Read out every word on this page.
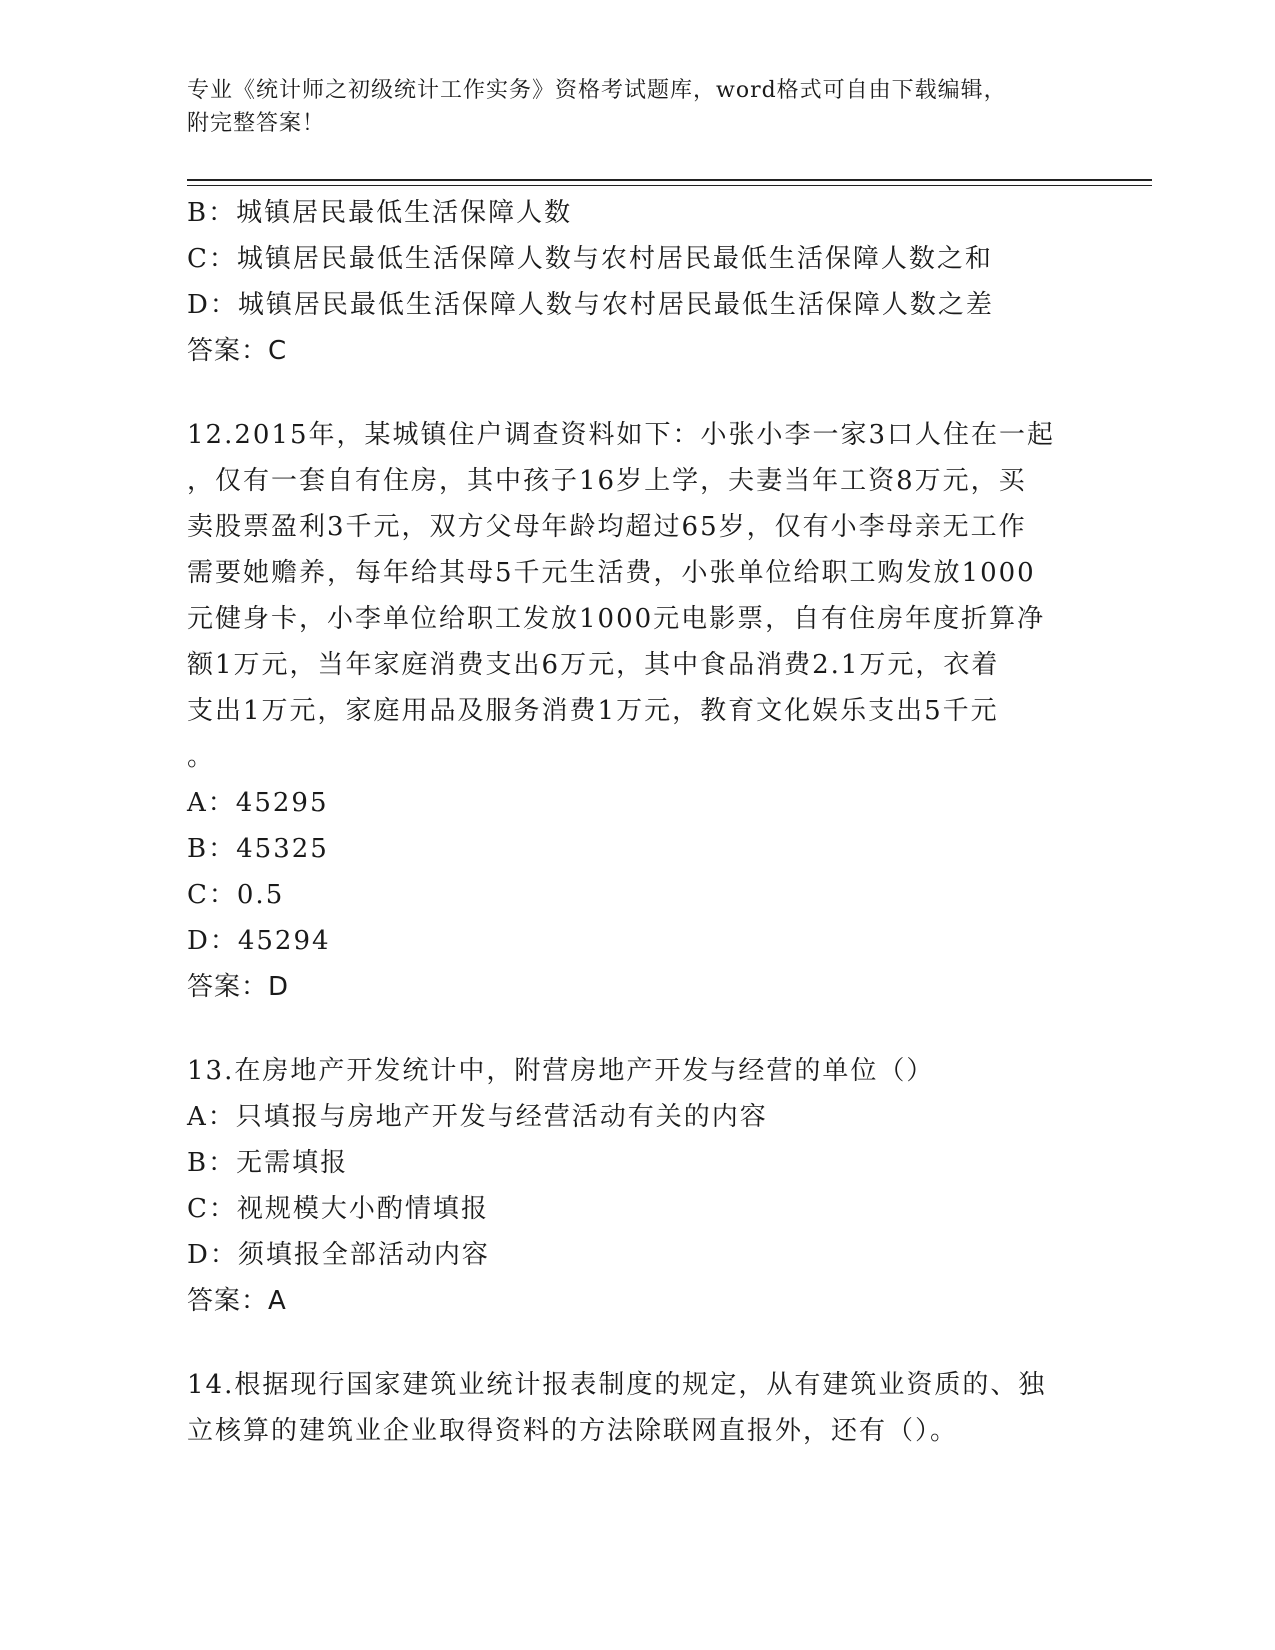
专业《统计师之初级统计工作实务》资格考试题库，word格式可自由下载编辑，
附完整答案！
B：城镇居民最低生活保障人数
C：城镇居民最低生活保障人数与农村居民最低生活保障人数之和
D：城镇居民最低生活保障人数与农村居民最低生活保障人数之差
答案：C
12.2015年，某城镇住户调查资料如下：小张小李一家3口人住在一起
，仅有一套自有住房，其中孩子16岁上学，夫妻当年工资8万元，买
卖股票盈利3千元，双方父母年龄均超过65岁，仅有小李母亲无工作
需要她赡养，每年给其母5千元生活费，小张单位给职工购发放1000
元健身卡，小李单位给职工发放1000元电影票，自有住房年度折算净
额1万元，当年家庭消费支出6万元，其中食品消费2.1万元，衣着
支出1万元，家庭用品及服务消费1万元，教育文化娱乐支出5千元
。
A：45295
B：45325
C：0.5
D：45294
答案：D
13.在房地产开发统计中，附营房地产开发与经营的单位（）
A：只填报与房地产开发与经营活动有关的内容
B：无需填报
C：视规模大小酌情填报
D：须填报全部活动内容
答案：A
14.根据现行国家建筑业统计报表制度的规定，从有建筑业资质的、独
立核算的建筑业企业取得资料的方法除联网直报外，还有（）。
